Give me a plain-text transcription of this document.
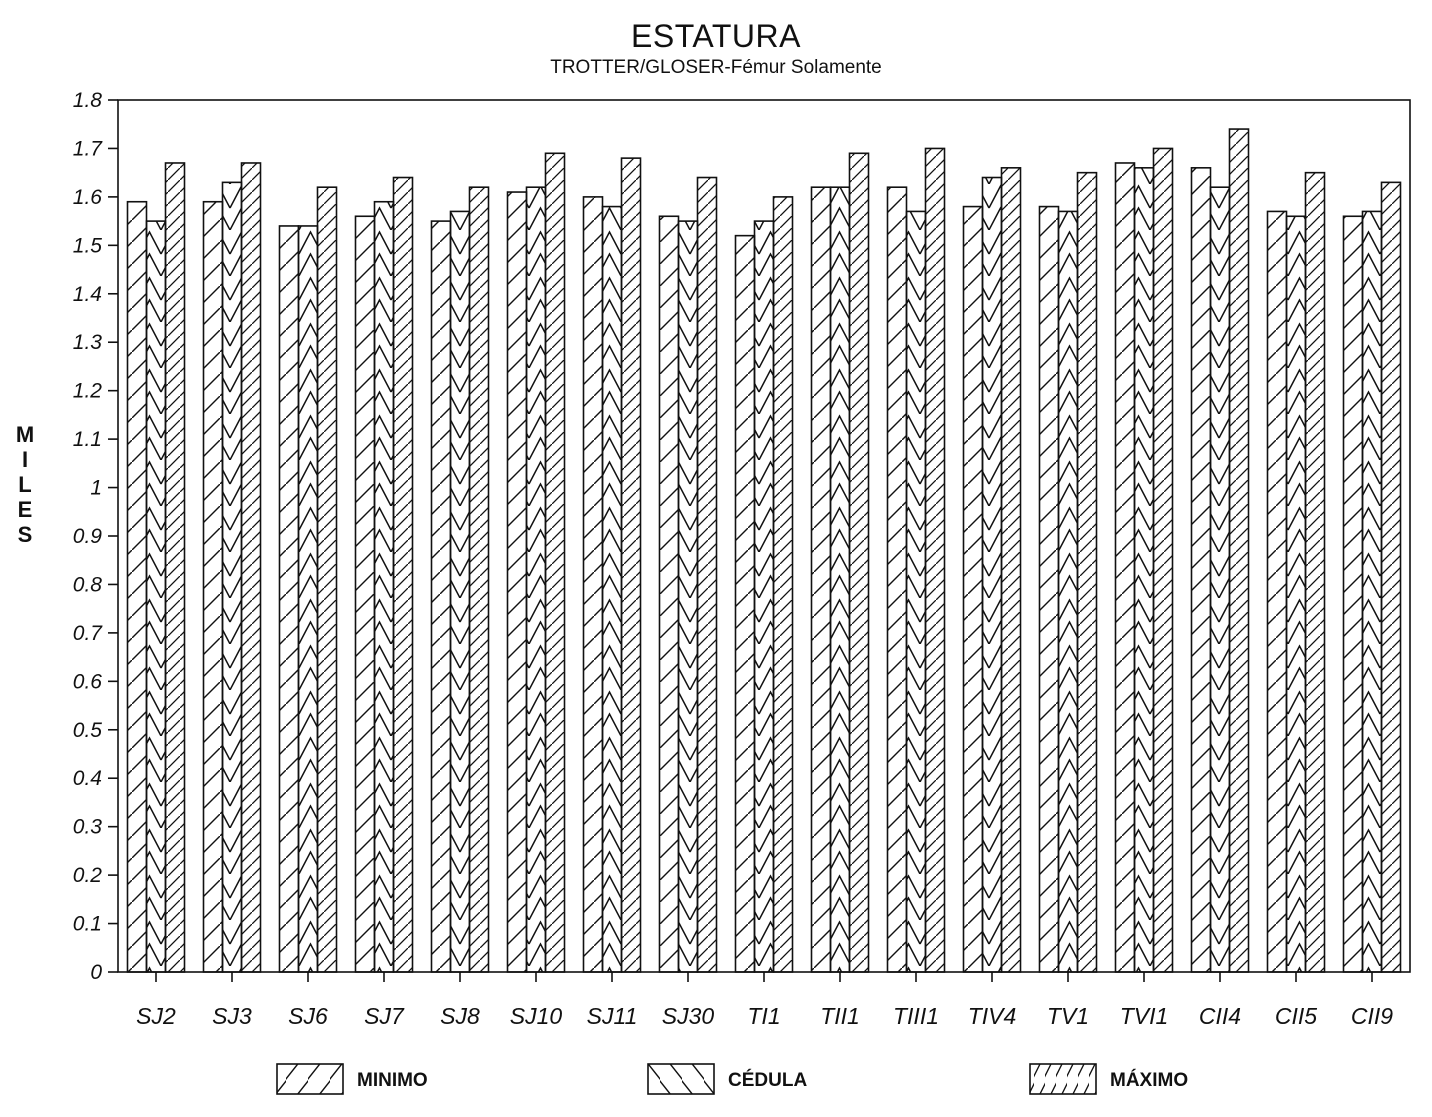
ESTATURA
TROTTER/GLOSER-Fémur Solamente
M
I
L
E
S
0
0.1
0.2
0.3
0.4
0.5
0.6
0.7
0.8
0.9
1
1.1
1.2
1.3
1.4
1.5
1.6
1.7
1.8
SJ2 SJ3 SJ6 SJ7 SJ8 SJ10 SJ11 SJ30 TI1 TII1 TIII1 TIV4 TV1 TVI1 CII4 CII5 CII9
MINIMO	CÉDULA	MÁXIMO
